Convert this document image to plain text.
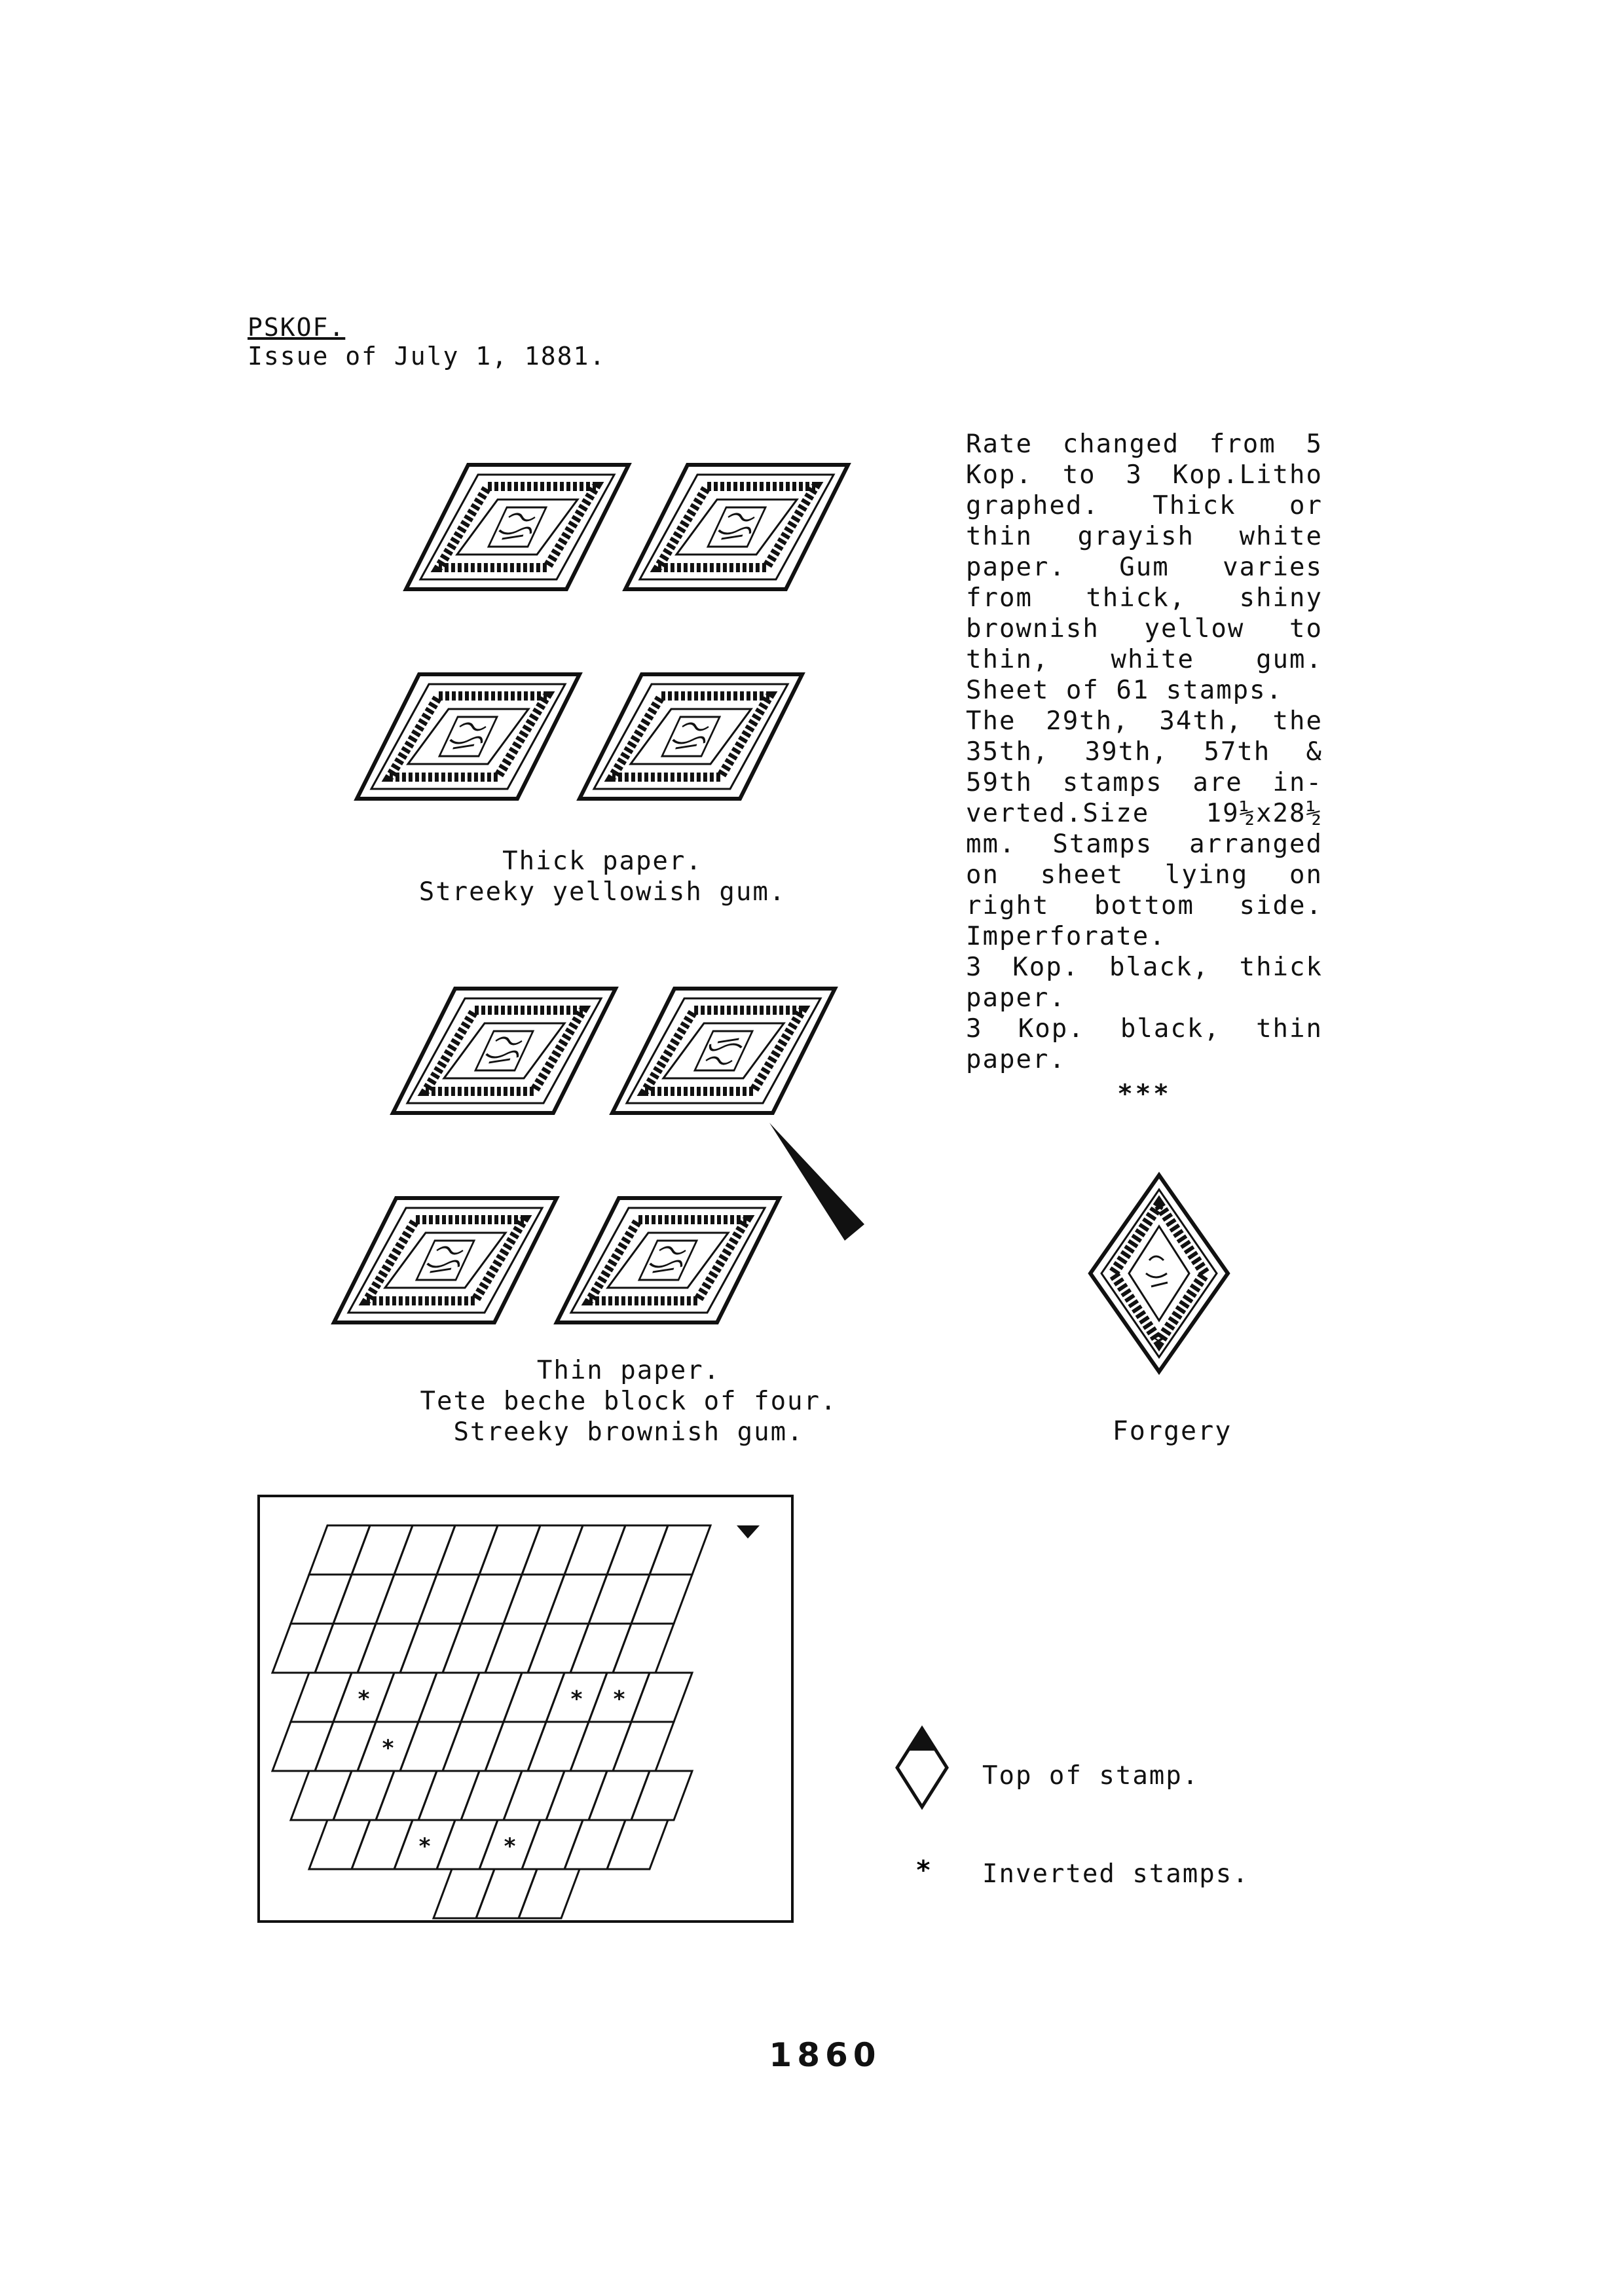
PSKOF.
Issue of July 1, 1881.

Rate changed from 5 Kop. to 3 Kop.Litho graphed. Thick or thin grayish white paper. Gum varies from thick, shiny brownish yellow to thin, white gum. Sheet of 61 stamps.

The 29th, 34th, the 35th, 39th, 57th & 59th stamps are in-verted.Size 19½x28½ mm. Stamps arranged on sheet lying on right bottom side. Imperforate.

3 Kop. black, thick paper.

3 Kop. black, thin paper.

***

*
*	* *
*
*	*
Thick paper.
Streeky yellowish gum.
Thin paper.
Tete beche block of four.
Streeky brownish gum.	Forgery
Top of stamp.
Inverted stamps.
1860
